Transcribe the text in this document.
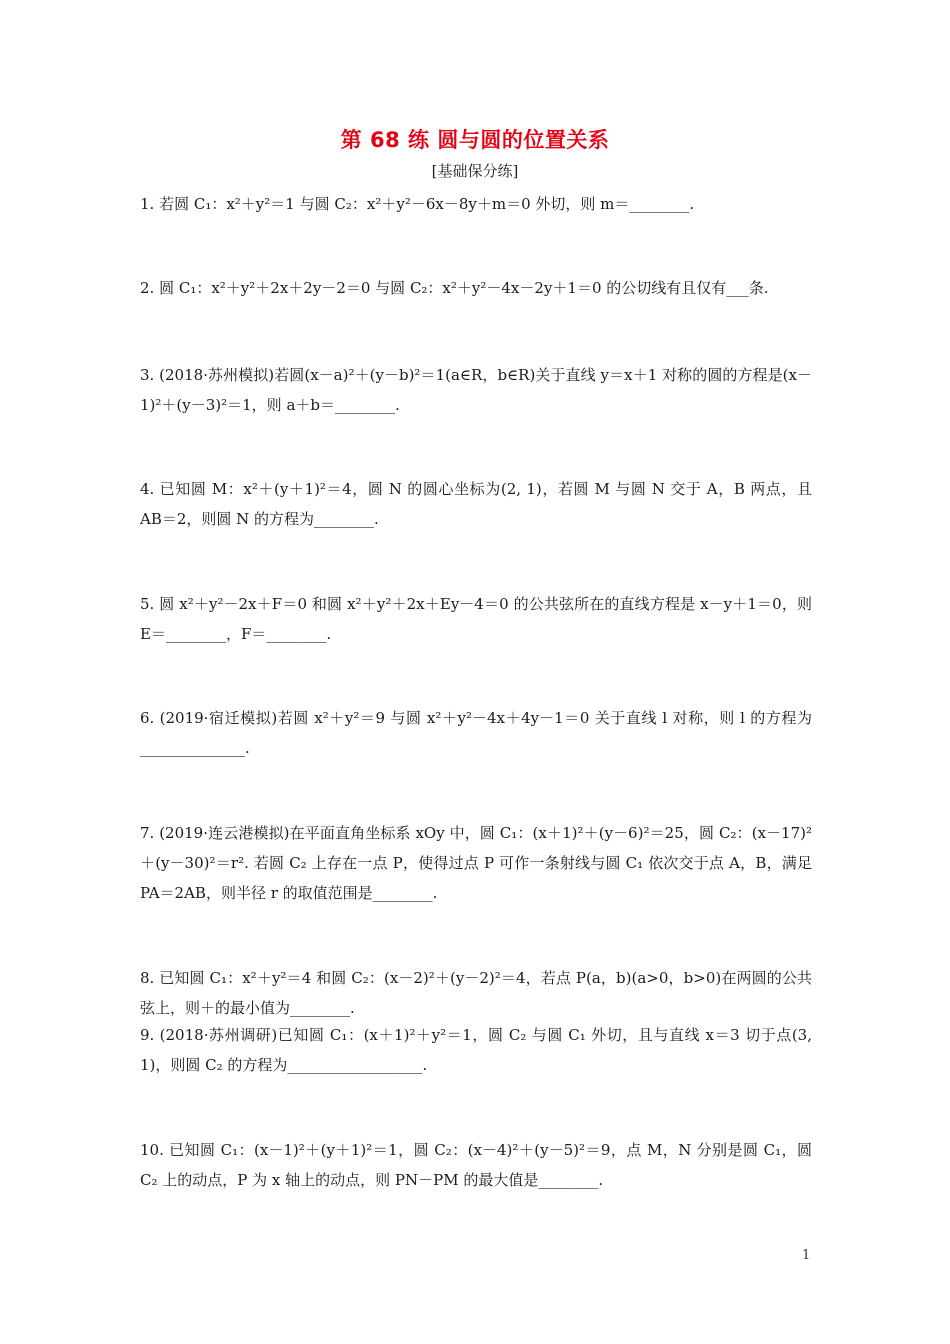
第 68 练 圆与圆的位置关系
[基础保分练]
1. 若圆 C₁：x²＋y²＝1 与圆 C₂：x²＋y²－6x－8y＋m＝0 外切，则 m＝________.
2. 圆 C₁：x²＋y²＋2x＋2y－2＝0 与圆 C₂：x²＋y²－4x－2y＋1＝0 的公切线有且仅有___条.
3. (2018·苏州模拟)若圆(x－a)²＋(y－b)²＝1(a∈R，b∈R)关于直线 y＝x＋1 对称的圆的方程是(x－1)²＋(y－3)²＝1，则 a＋b＝________.
4. 已知圆 M：x²＋(y＋1)²＝4，圆 N 的圆心坐标为(2, 1)，若圆 M 与圆 N 交于 A，B 两点，且 AB＝2，则圆 N 的方程为________.
5. 圆 x²＋y²－2x＋F＝0 和圆 x²＋y²＋2x＋Ey－4＝0 的公共弦所在的直线方程是 x－y＋1＝0，则 E＝________，F＝________.
6. (2019·宿迁模拟)若圆 x²＋y²＝9 与圆 x²＋y²－4x＋4y－1＝0 关于直线 l 对称，则 l 的方程为______________.
7. (2019·连云港模拟)在平面直角坐标系 xOy 中，圆 C₁：(x＋1)²＋(y－6)²＝25，圆 C₂：(x－17)²＋(y－30)²＝r². 若圆 C₂ 上存在一点 P，使得过点 P 可作一条射线与圆 C₁ 依次交于点 A，B，满足 PA＝2AB，则半径 r 的取值范围是________.
8. 已知圆 C₁：x²＋y²＝4 和圆 C₂：(x－2)²＋(y－2)²＝4，若点 P(a，b)(a>0，b>0)在两圆的公共弦上，则＋的最小值为________.
9. (2018·苏州调研)已知圆 C₁：(x＋1)²＋y²＝1，圆 C₂ 与圆 C₁ 外切，且与直线 x＝3 切于点(3, 1)，则圆 C₂ 的方程为__________________.
10. 已知圆 C₁：(x－1)²＋(y＋1)²＝1，圆 C₂：(x－4)²＋(y－5)²＝9，点 M，N 分别是圆 C₁，圆 C₂ 上的动点，P 为 x 轴上的动点，则 PN－PM 的最大值是________.
1
